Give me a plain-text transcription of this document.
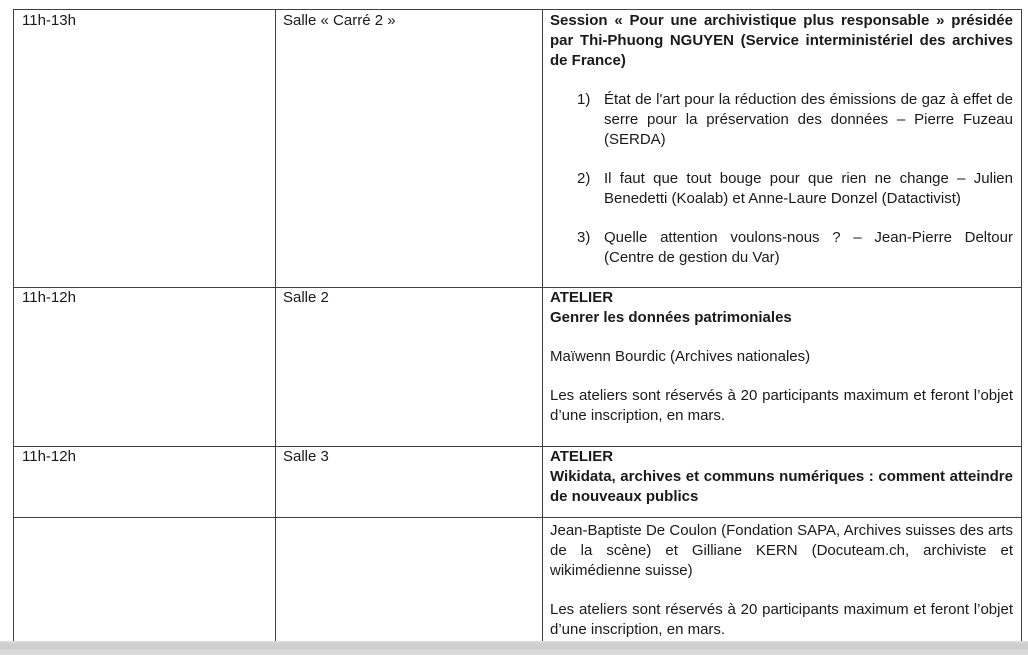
11h-13h	Salle « Carré 2 »	Session « Pour une archivistique plus responsable » présidée par Thi-Phuong NGUYEN (Service interministériel des archives de France)
1) État de l'art pour la réduction des émissions de gaz à effet de serre pour la préservation des données – Pierre Fuzeau (SERDA)
2) Il faut que tout bouge pour que rien ne change – Julien Benedetti (Koalab) et Anne-Laure Donzel (Datactivist)
3) Quelle attention voulons-nous ? – Jean-Pierre Deltour (Centre de gestion du Var)
11h-12h	Salle 2	ATELIER
Genrer les données patrimoniales
Maïwenn Bourdic (Archives nationales)
Les ateliers sont réservés à 20 participants maximum et feront l’objet d’une inscription, en mars.
11h-12h	Salle 3	ATELIER
Wikidata, archives et communs numériques : comment atteindre de nouveaux publics
Jean-Baptiste De Coulon (Fondation SAPA, Archives suisses des arts de la scène) et Gilliane KERN (Docuteam.ch, archiviste et wikimédienne suisse)
Les ateliers sont réservés à 20 participants maximum et feront l’objet d’une inscription, en mars.
